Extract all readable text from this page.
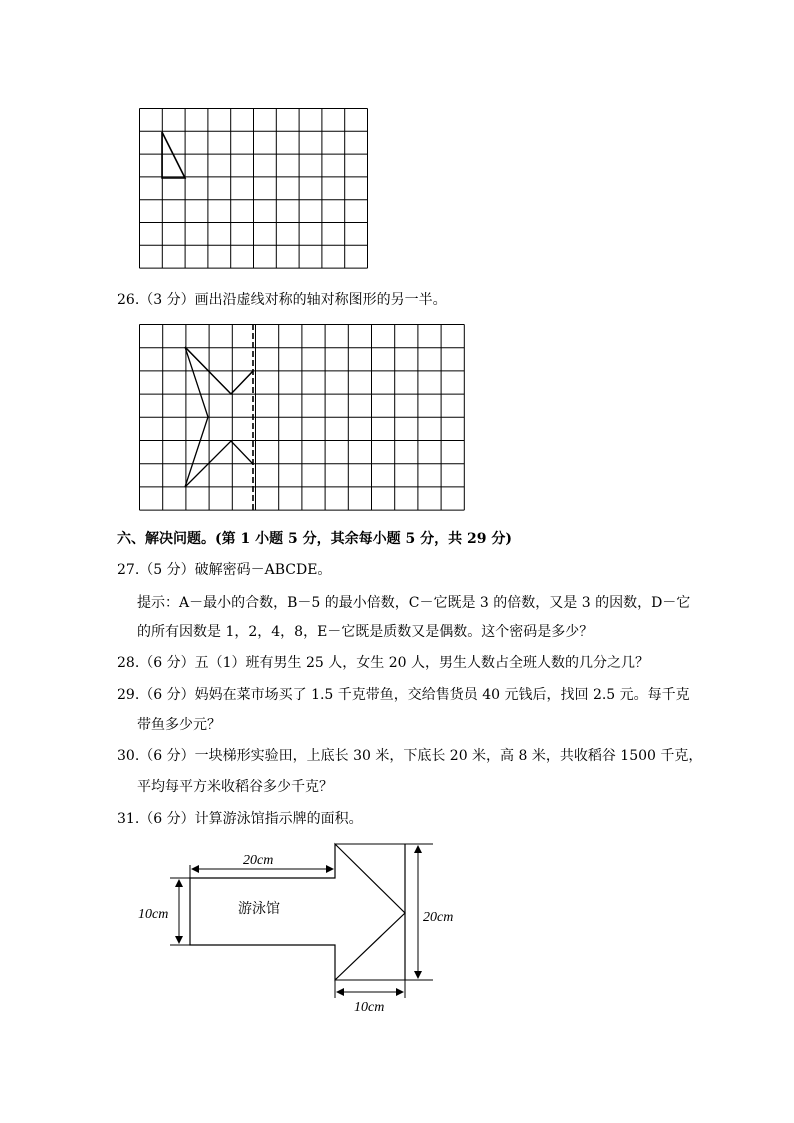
26.（3 分）画出沿虚线对称的轴对称图形的另一半。
六、解决问题。(第 1 小题 5 分，其余每小题 5 分，共 29 分)
27.（5 分）破解密码－ABCDE。
提示：A－最小的合数，B－5 的最小倍数，C－它既是 3 的倍数，又是 3 的因数，D－它
的所有因数是 1，2，4，8，E－它既是质数又是偶数。这个密码是多少？
28.（6 分）五（1）班有男生 25 人，女生 20 人，男生人数占全班人数的几分之几？
29.（6 分）妈妈在菜市场买了 1.5 千克带鱼，交给售货员 40 元钱后，找回 2.5 元。每千克
带鱼多少元？
30.（6 分）一块梯形实验田，上底长 30 米，下底长 20 米，高 8 米，共收稻谷 1500 千克，
平均每平方米收稻谷多少千克？
31.（6 分）计算游泳馆指示牌的面积。
20cm
10cm	20cm
10cm
游泳馆
